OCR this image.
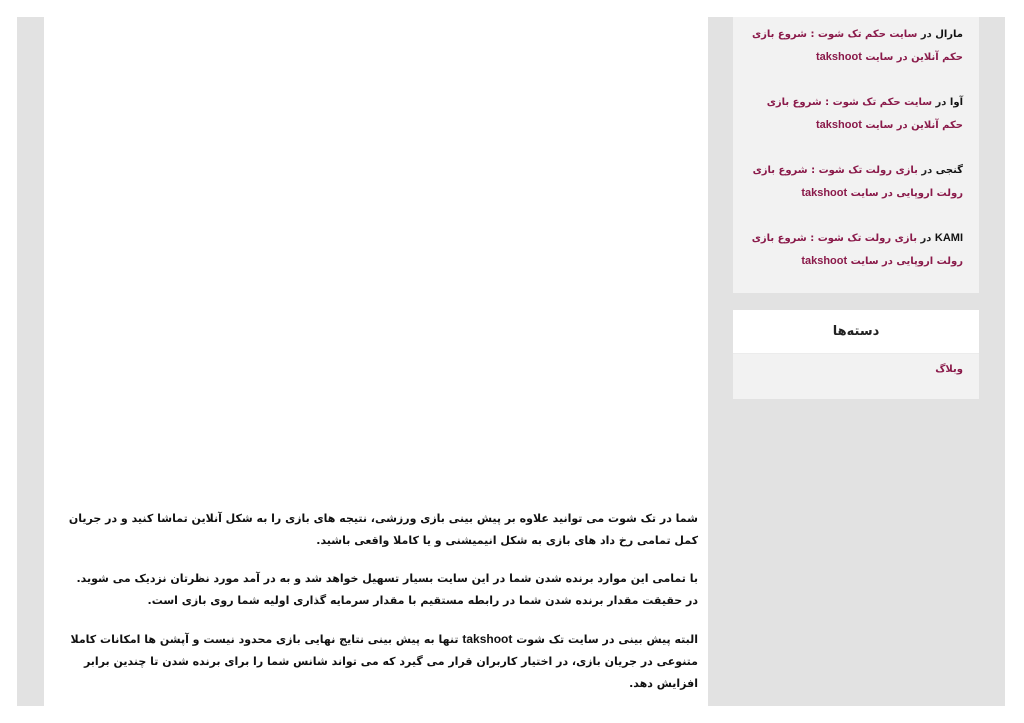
شما در تک شوت می توانید علاوه بر پیش بینی بازی ورزشی، نتیجه های بازی را به شکل آنلاین تماشا کنید و در جریان کمل تمامی رخ داد های بازی به شکل انیمیشنی و یا کاملا واقعی باشید.

با تمامی این موارد برنده شدن شما در این سایت بسیار تسهیل خواهد شد و به در آمد مورد نظرتان نزدیک می شوید. در حقیقت مقدار برنده شدن شما در رابطه مستقیم با مقدار سرمایه گذاری اولیه شما روی بازی است.

البته پیش بینی در سایت تک شوت takshoot تنها به پیش بینی نتایج نهایی بازی محدود نیست و آپشن ها امکانات کاملا متنوعی در جریان بازی، در اختیار کاربران قرار می گیرد که می تواند شانس شما را برای برنده شدن تا چندین برابر افزایش دهد.

مارال در سایت حکم تک شوت : شروع بازی حکم آنلاین در سایت takshoot
آوا در سایت حکم تک شوت : شروع بازی حکم آنلاین در سایت takshoot
گنجی در بازی رولت تک شوت : شروع بازی رولت اروپایی در سایت takshoot
KAMI در بازی رولت تک شوت : شروع بازی رولت اروپایی در سایت takshoot
دسته‌ها
وبلاگ
